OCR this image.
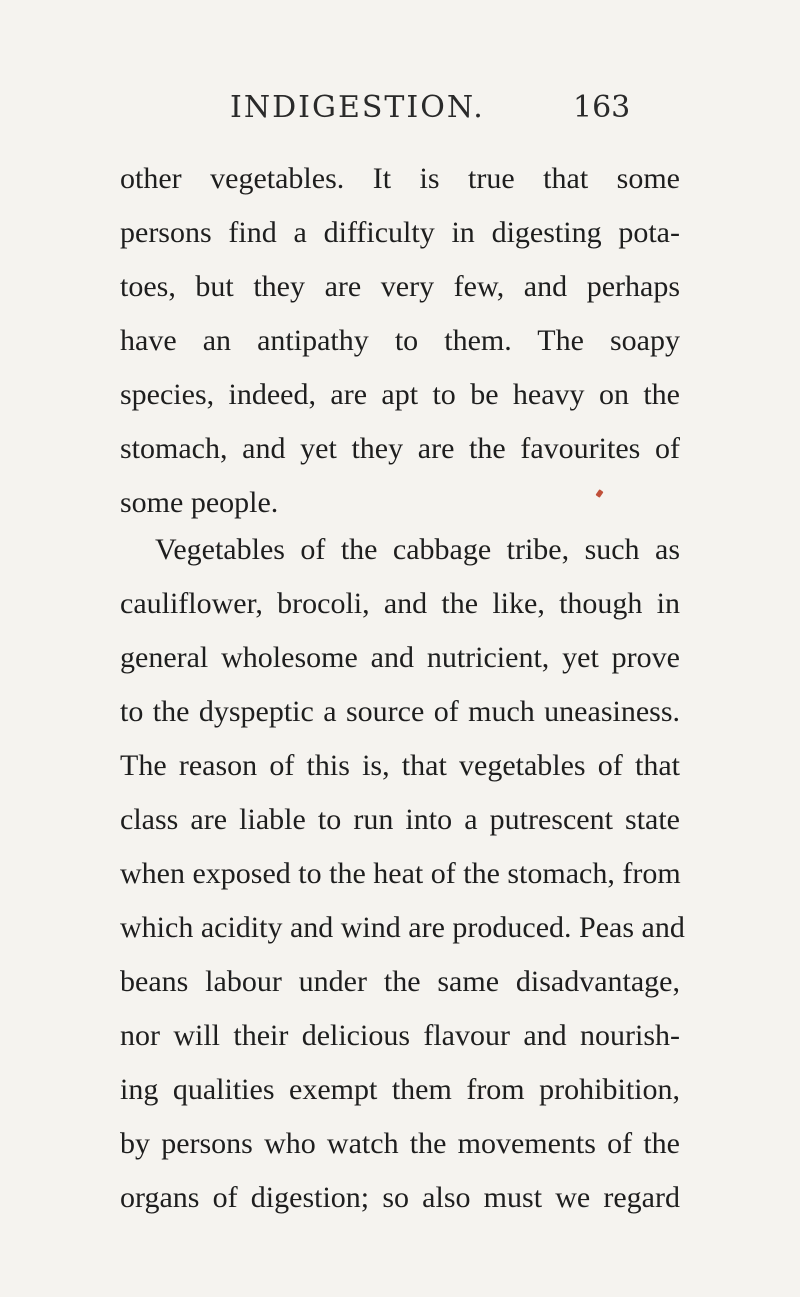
INDIGESTION.	163
other vegetables. It is true that some
persons find a difficulty in digesting pota-
toes, but they are very few, and perhaps
have an antipathy to them. The soapy
species, indeed, are apt to be heavy on the
stomach, and yet they are the favourites of
some people.
Vegetables of the cabbage tribe, such as
cauliflower, brocoli, and the like, though in
general wholesome and nutricient, yet prove
to the dyspeptic a source of much uneasiness.
The reason of this is, that vegetables of that
class are liable to run into a putrescent state
when exposed to the heat of the stomach, from
which acidity and wind are produced. Peas and
beans labour under the same disadvantage,
nor will their delicious flavour and nourish-
ing qualities exempt them from prohibition,
by persons who watch the movements of the
organs of digestion; so also must we regard
